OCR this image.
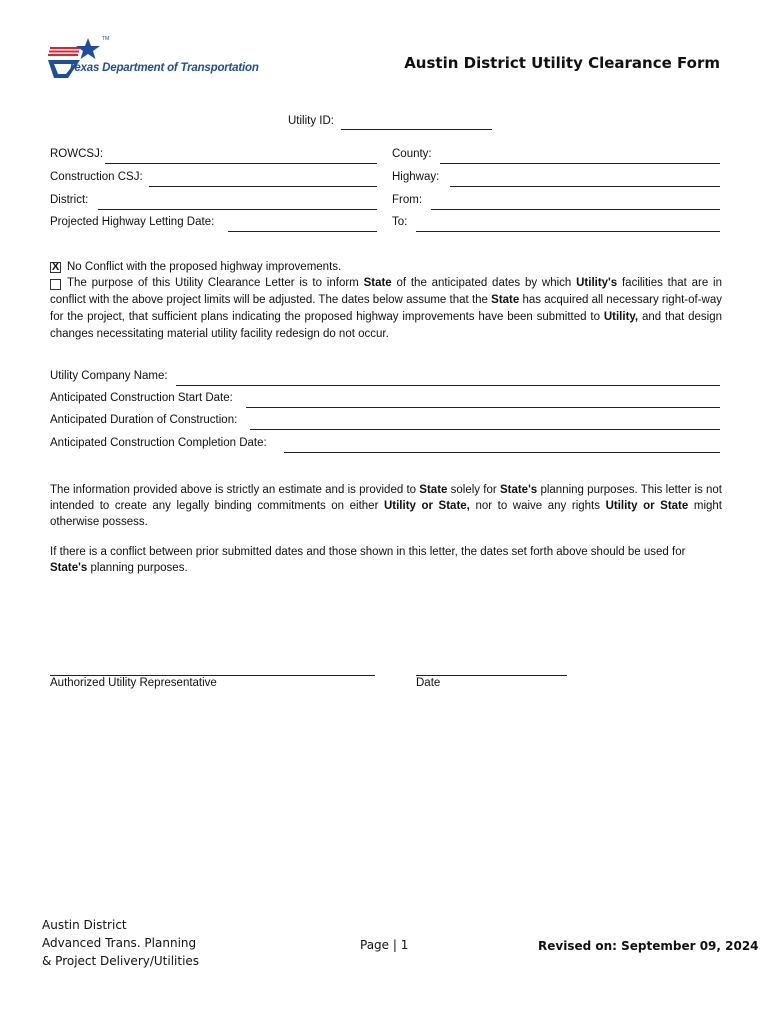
TM
Texas Department of Transportation	Austin District Utility Clearance Form
Utility ID:
ROWCSJ:	County:
Construction CSJ:	Highway:
District:	From:
Projected Highway Letting Date:	To:
X No Conflict with the proposed highway improvements.
The purpose of this Utility Clearance Letter is to inform State of the anticipated dates by which Utility's facilities that are in conflict with the above project limits will be adjusted. The dates below assume that the State has acquired all necessary right-of-way for the project, that sufficient plans indicating the proposed highway improvements have been submitted to Utility, and that design changes necessitating material utility facility redesign do not occur.
Utility Company Name:
Anticipated Construction Start Date:
Anticipated Duration of Construction:
Anticipated Construction Completion Date:
The information provided above is strictly an estimate and is provided to State solely for State's planning purposes. This letter is not intended to create any legally binding commitments on either Utility or State, nor to waive any rights Utility or State might otherwise possess.
If there is a conflict between prior submitted dates and those shown in this letter, the dates set forth above should be used for State's planning purposes.
Authorized Utility Representative	Date
Austin District
Advanced Trans. Planning
& Project Delivery/Utilities
Page | 1	Revised on: September 09, 2024
